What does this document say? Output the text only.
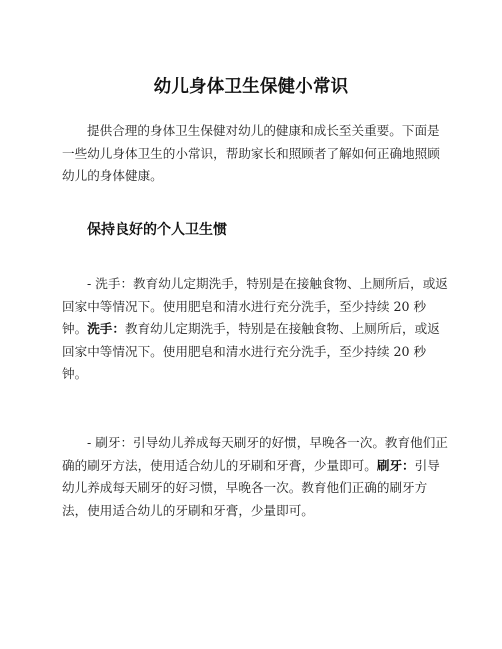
幼儿身体卫生保健小常识

提供合理的身体卫生保健对幼儿的健康和成长至关重要。下面是一些幼儿身体卫生的小常识，帮助家长和照顾者了解如何正确地照顾幼儿的身体健康。

保持良好的个人卫生惯

- 洗手：教育幼儿定期洗手，特别是在接触食物、上厕所后，或返回家中等情况下。使用肥皂和清水进行充分洗手，至少持续 20 秒钟。洗手：教育幼儿定期洗手，特别是在接触食物、上厕所后，或返回家中等情况下。使用肥皂和清水进行充分洗手，至少持续 20 秒钟。

- 刷牙：引导幼儿养成每天刷牙的好惯，早晚各一次。教育他们正确的刷牙方法，使用适合幼儿的牙刷和牙膏，少量即可。刷牙：引导幼儿养成每天刷牙的好习惯，早晚各一次。教育他们正确的刷牙方法，使用适合幼儿的牙刷和牙膏，少量即可。
